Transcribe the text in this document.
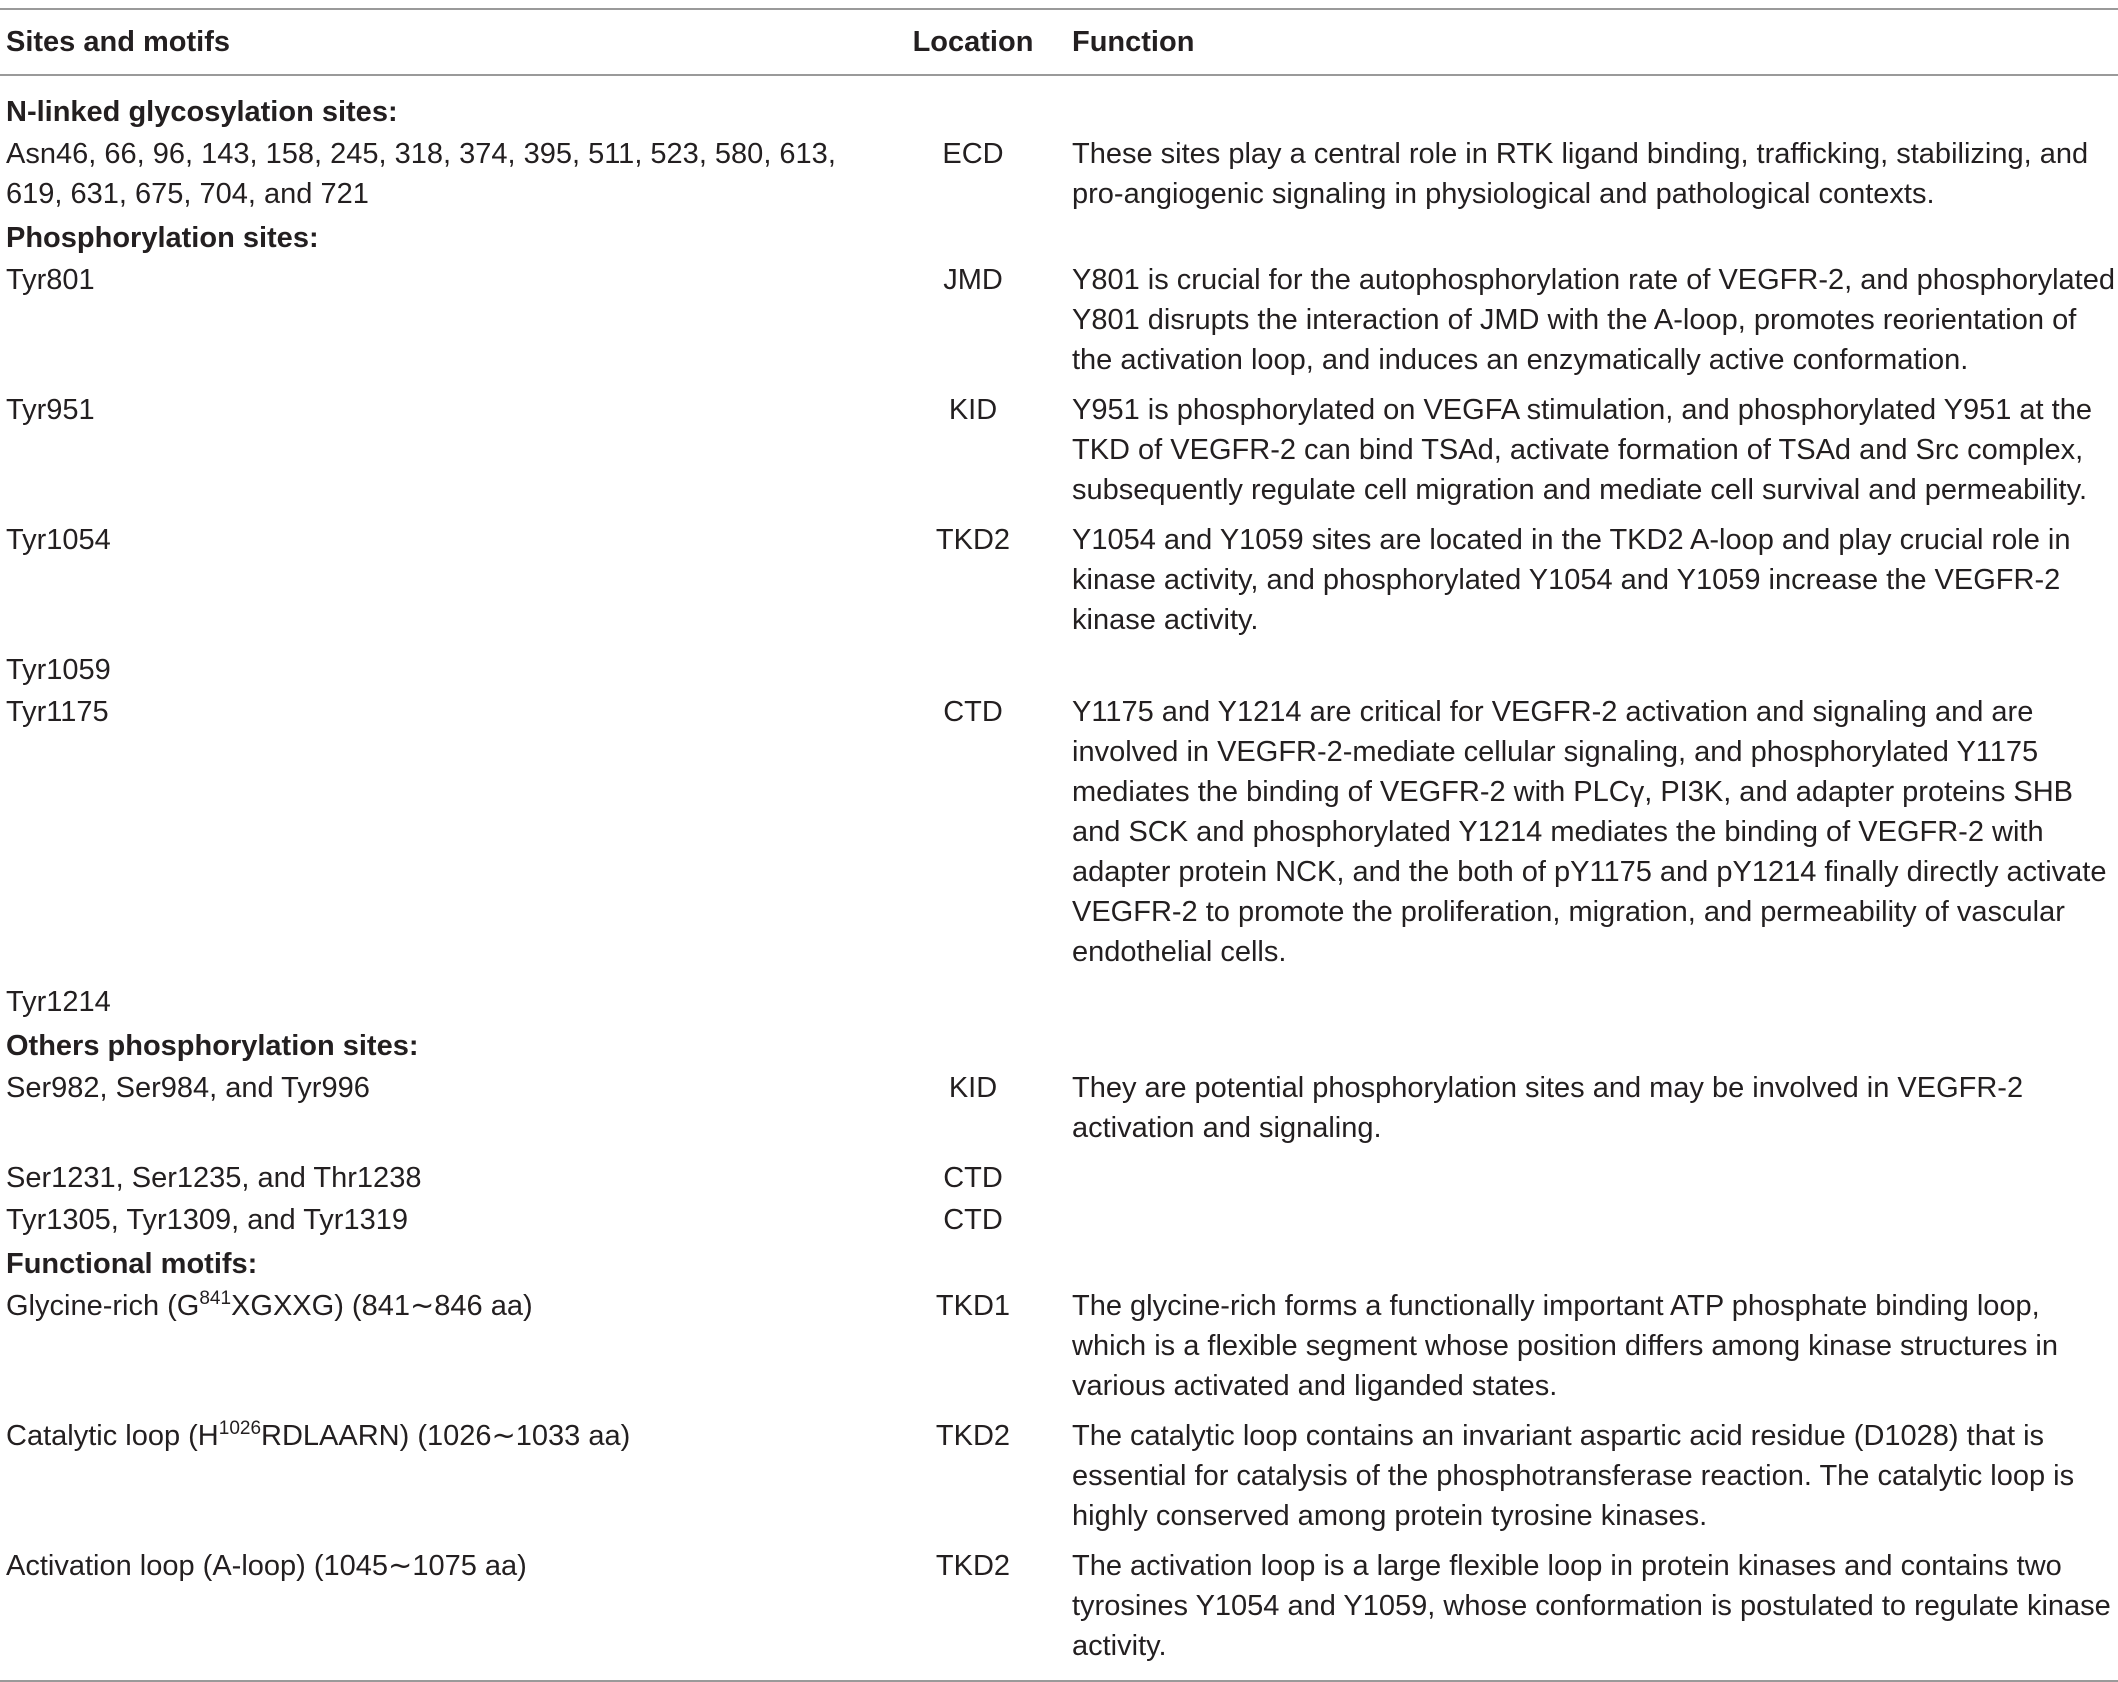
Sites and motifs	Location	Function
N-linked glycosylation sites:		
Asn46, 66, 96, 143, 158, 245, 318, 374, 395, 511, 523, 580, 613, 619, 631, 675, 704, and 721	ECD	These sites play a central role in RTK ligand binding, trafficking, stabilizing, and pro-angiogenic signaling in physiological and pathological contexts.
Phosphorylation sites:		
Tyr801	JMD	Y801 is crucial for the autophosphorylation rate of VEGFR-2, and phosphorylated Y801 disrupts the interaction of JMD with the A-loop, promotes reorientation of the activation loop, and induces an enzymatically active conformation.
Tyr951	KID	Y951 is phosphorylated on VEGFA stimulation, and phosphorylated Y951 at the TKD of VEGFR-2 can bind TSAd, activate formation of TSAd and Src complex, subsequently regulate cell migration and mediate cell survival and permeability.
Tyr1054	TKD2	Y1054 and Y1059 sites are located in the TKD2 A-loop and play crucial role in kinase activity, and phosphorylated Y1054 and Y1059 increase the VEGFR-2 kinase activity.
Tyr1059		
Tyr1175	CTD	Y1175 and Y1214 are critical for VEGFR-2 activation and signaling and are involved in VEGFR-2-mediate cellular signaling, and phosphorylated Y1175 mediates the binding of VEGFR-2 with PLCγ, PI3K, and adapter proteins SHB and SCK and phosphorylated Y1214 mediates the binding of VEGFR-2 with adapter protein NCK, and the both of pY1175 and pY1214 finally directly activate VEGFR-2 to promote the proliferation, migration, and permeability of vascular endothelial cells.
Tyr1214		
Others phosphorylation sites:		
Ser982, Ser984, and Tyr996	KID	They are potential phosphorylation sites and may be involved in VEGFR-2 activation and signaling.
Ser1231, Ser1235, and Thr1238	CTD	
Tyr1305, Tyr1309, and Tyr1319	CTD	
Functional motifs:		
Glycine-rich $(G^{841}XGXXG)$ (841∼846 aa)	TKD1	The glycine-rich forms a functionally important ATP phosphate binding loop, which is a flexible segment whose position differs among kinase structures in various activated and liganded states.
Catalytic loop $(H^{1026}RDLAARN)$ (1026∼1033 aa)	TKD2	The catalytic loop contains an invariant aspartic acid residue (D1028) that is essential for catalysis of the phosphotransferase reaction. The catalytic loop is highly conserved among protein tyrosine kinases.
Activation loop (A-loop) (1045∼1075 aa)	TKD2	The activation loop is a large flexible loop in protein kinases and contains two tyrosines Y1054 and Y1059, whose conformation is postulated to regulate kinase activity.
